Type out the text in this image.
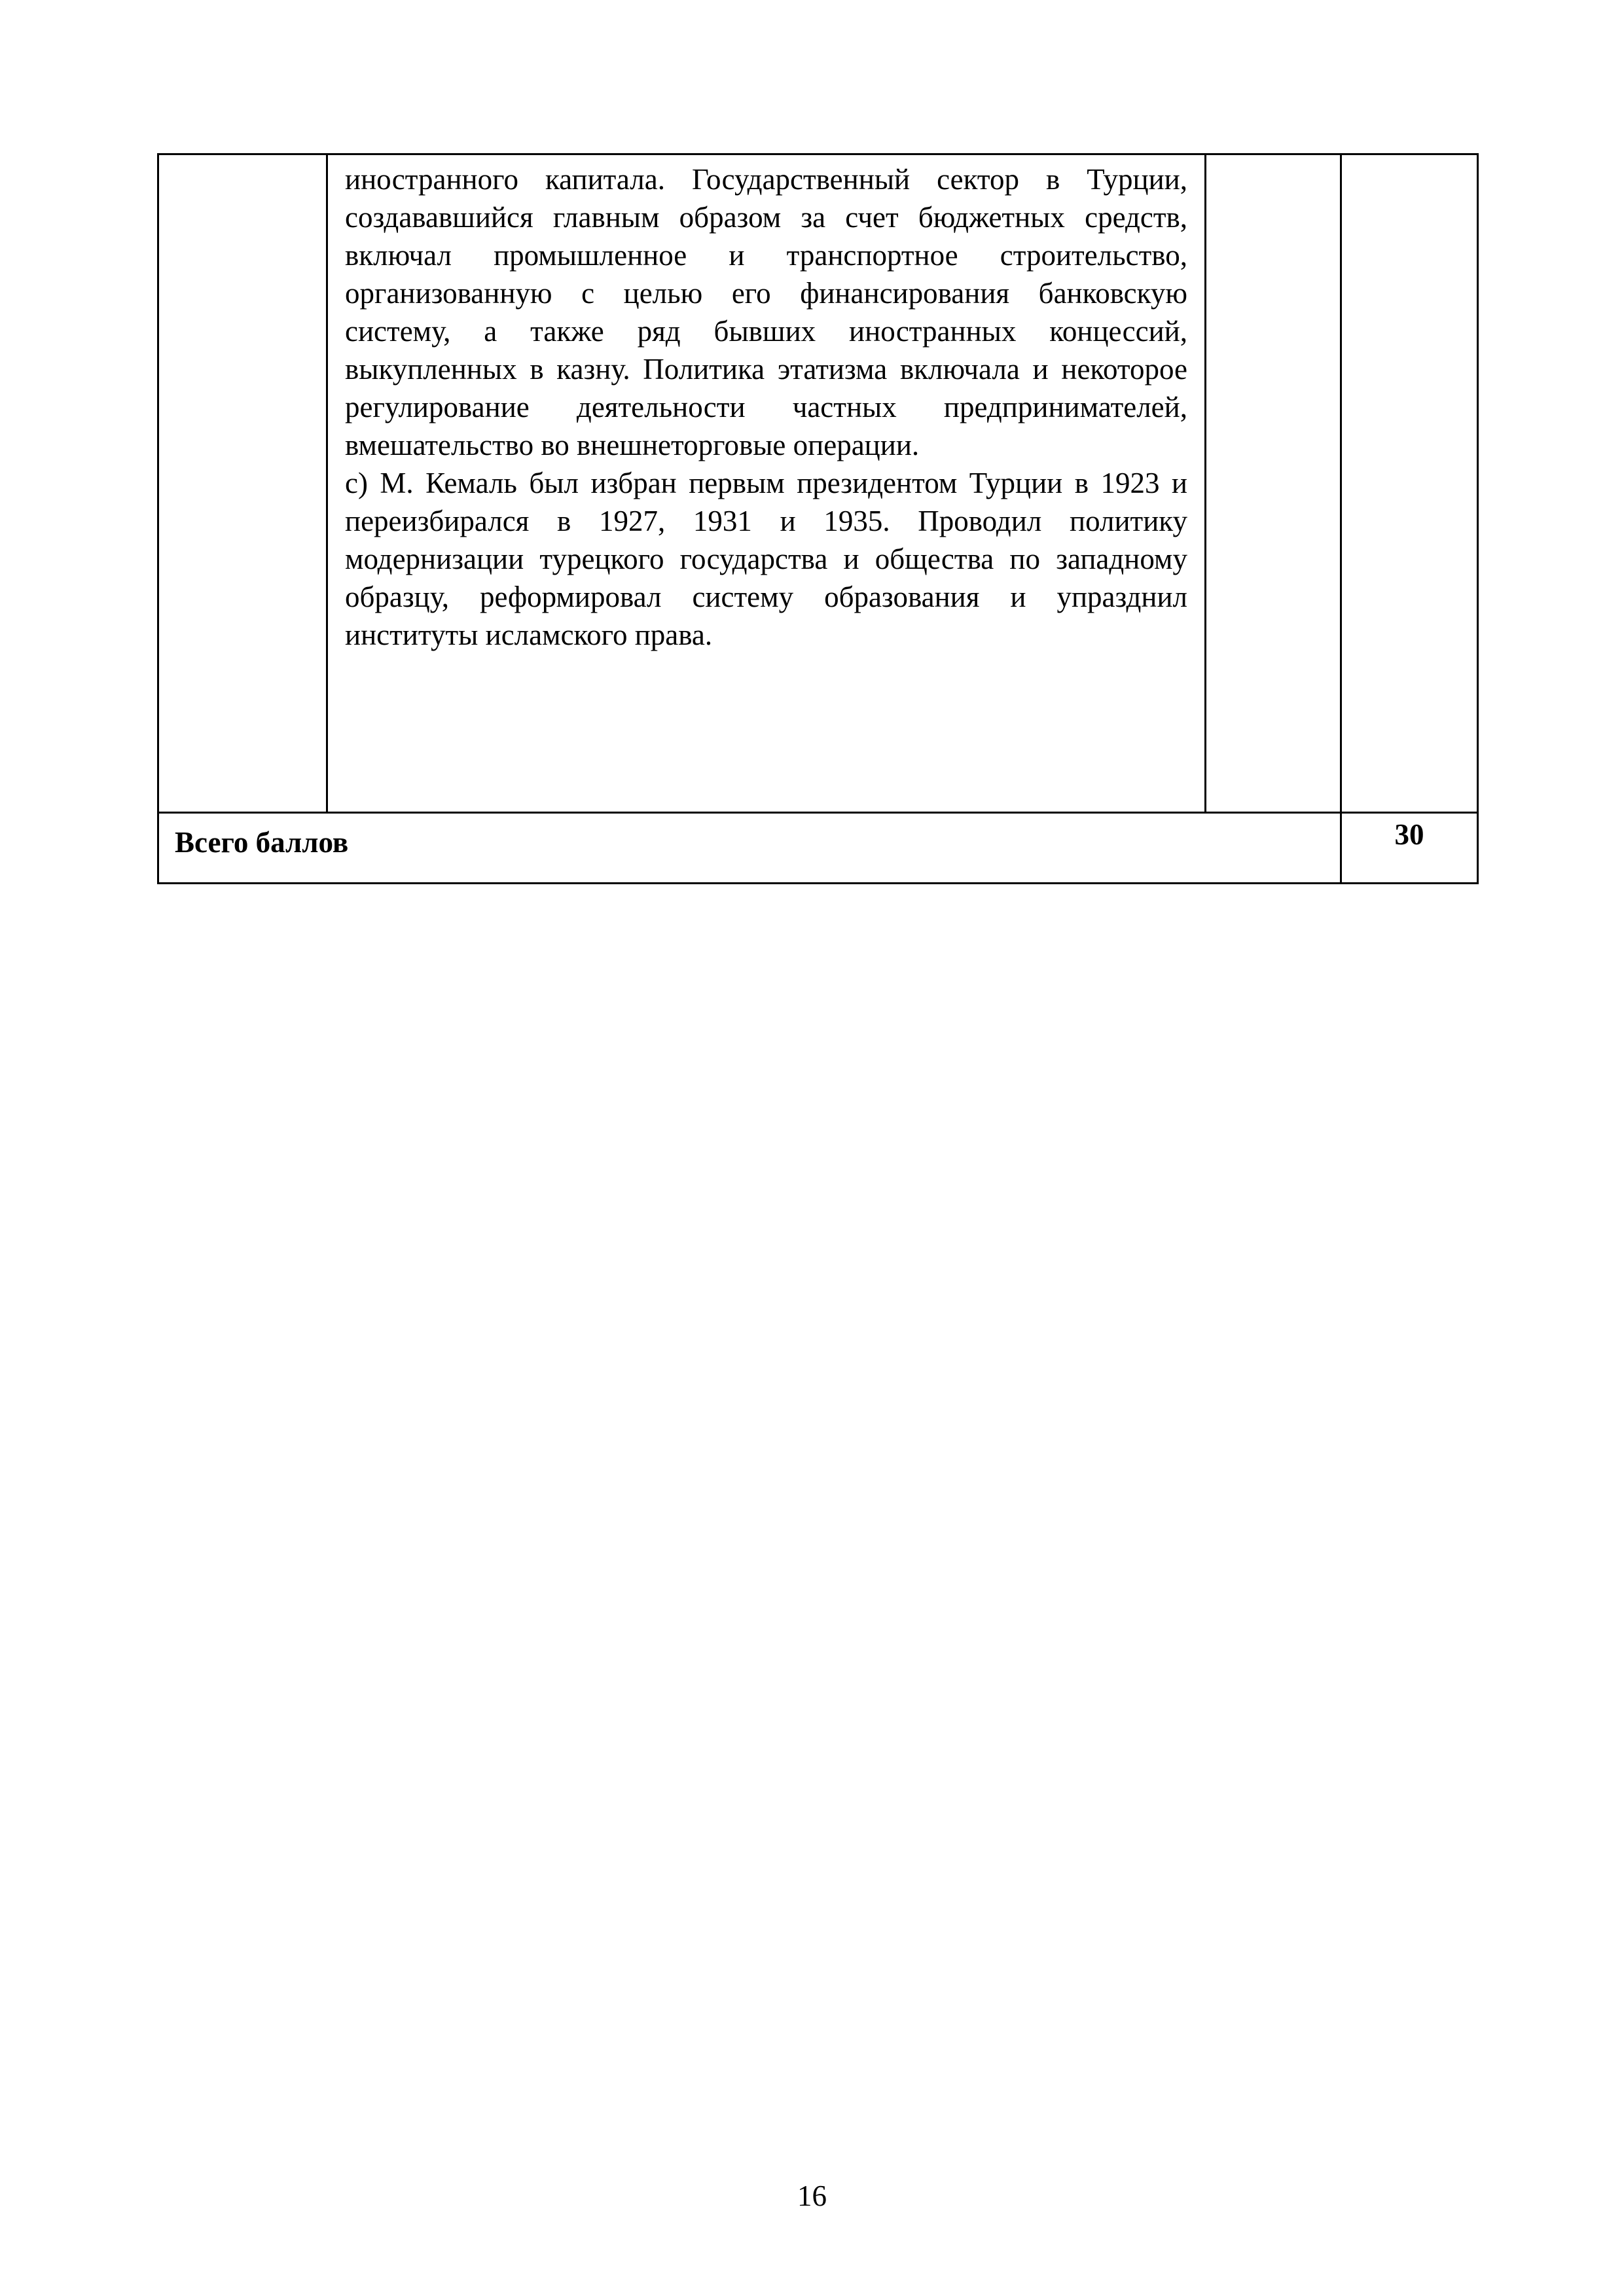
	иностранного капитала. Государственный сектор в Турции, создававшийся главным образом за счет бюджетных средств, включал промышленное и транспортное строительство, организованную с целью его финансирования банковскую систему, а также ряд бывших иностранных концессий, выкупленных в казну. Политика этатизма включала и некоторое регулирование деятельности частных предпринимателей, вмешательство во внешнеторговые операции.

c) М. Кемаль был избран первым президентом Турции в 1923 и переизбирался в 1927, 1931 и 1935. Проводил политику модернизации турецкого государства и общества по западному образцу, реформировал систему образования и упразднил институты исламского права.		

Всего баллов			30
16
